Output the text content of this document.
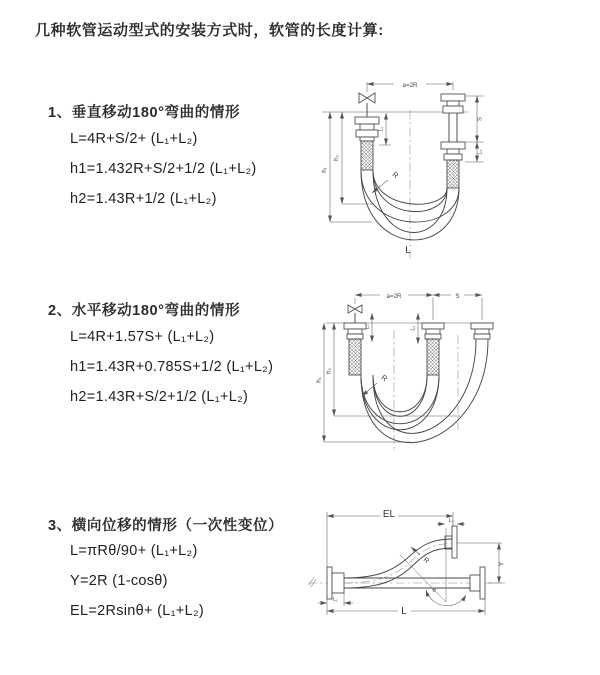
几种软管运动型式的安装方式时，软管的长度计算:
1、垂直移动180°弯曲的情形
L=4R+S/2+ (L₁+L₂)
h1=1.432R+S/2+1/2 (L₁+L₂)
h2=1.43R+1/2 (L₁+L₂)
2、水平移动180°弯曲的情形
L=4R+1.57S+ (L₁+L₂)
h1=1.43R+0.785S+1/2 (L₁+L₂)
h2=1.43R+S/2+1/2 (L₁+L₂)
3、横向位移的情形（一次性变位）
L=πRθ/90+ (L₁+L₂)
Y=2R (1-cosθ)
EL=2Rsinθ+ (L₁+L₂)
a=2R
h₁
h₂
L₁
S
L₂
R
L
a=2R	S
h₁
h₂
L₁	L₂
R
θ
EL
L₁
Y
R
L
L₁
